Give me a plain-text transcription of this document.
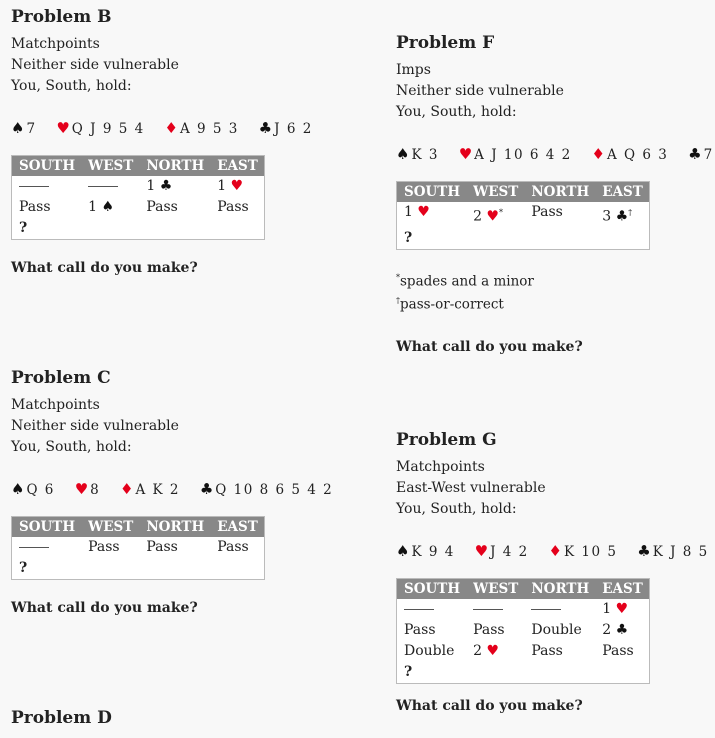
Problem B
Matchpoints
Neither side vulnerable
You, South, hold:
♠ 7 ♥ Q J 9 5 4 ♦ A 9 5 3 ♣ J 6 2
SOUTH	WEST	NORTH	EAST
		1 ♣	1 ♥
Pass	1 ♠	Pass	Pass
?			
What call do you make?
Problem C
Matchpoints
Neither side vulnerable
You, South, hold:
♠ Q 6 ♥ 8 ♦ A K 2 ♣ Q 10 8 6 5 4 2
SOUTH	WEST	NORTH	EAST
	Pass	Pass	Pass
?			
What call do you make?
Problem D
Problem F
Imps
Neither side vulnerable
You, South, hold:
♠ K 3 ♥ A J 10 6 4 2 ♦ A Q 6 3 ♣ 7
SOUTH	WEST	NORTH	EAST
1 ♥	2 ♥*	Pass	3 ♣†
?			
*spades and a minor
†pass-or-correct
What call do you make?
Problem G
Matchpoints
East-West vulnerable
You, South, hold:
♠ K 9 4 ♥ J 4 2 ♦ K 10 5 ♣ K J 8 5
SOUTH	WEST	NORTH	EAST
			1 ♥
Pass	Pass	Double	2 ♣
Double	2 ♥	Pass	Pass
?			
What call do you make?
